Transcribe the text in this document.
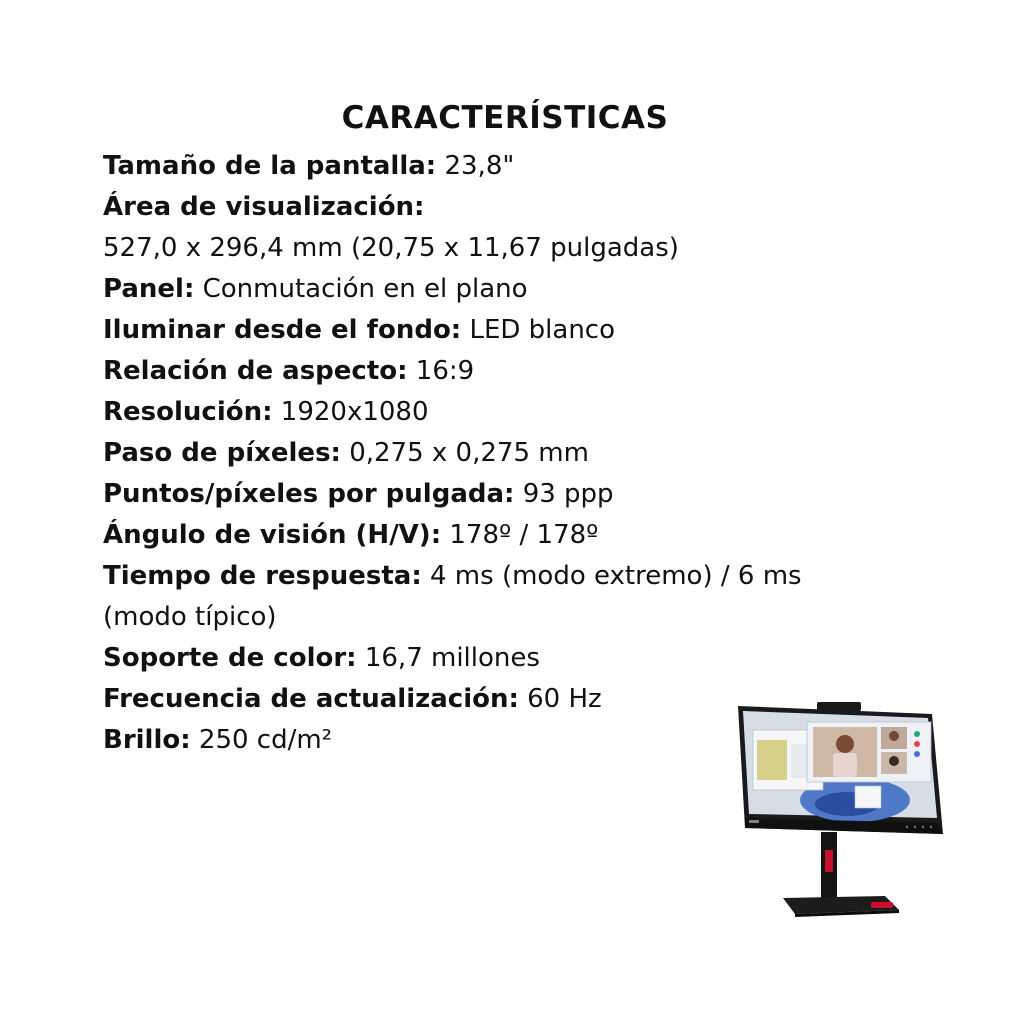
CARACTERÍSTICAS
Tamaño de la pantalla: 23,8"
Área de visualización:
527,0 x 296,4 mm (20,75 x 11,67 pulgadas)
Panel: Conmutación en el plano
Iluminar desde el fondo: LED blanco
Relación de aspecto: 16:9
Resolución: 1920x1080
Paso de píxeles: 0,275 x 0,275 mm
Puntos/píxeles por pulgada: 93 ppp
Ángulo de visión (H/V): 178º / 178º
Tiempo de respuesta: 4 ms (modo extremo) / 6 ms
(modo típico)
Soporte de color: 16,7 millones
Frecuencia de actualización: 60 Hz
Brillo: 250 cd/m²
